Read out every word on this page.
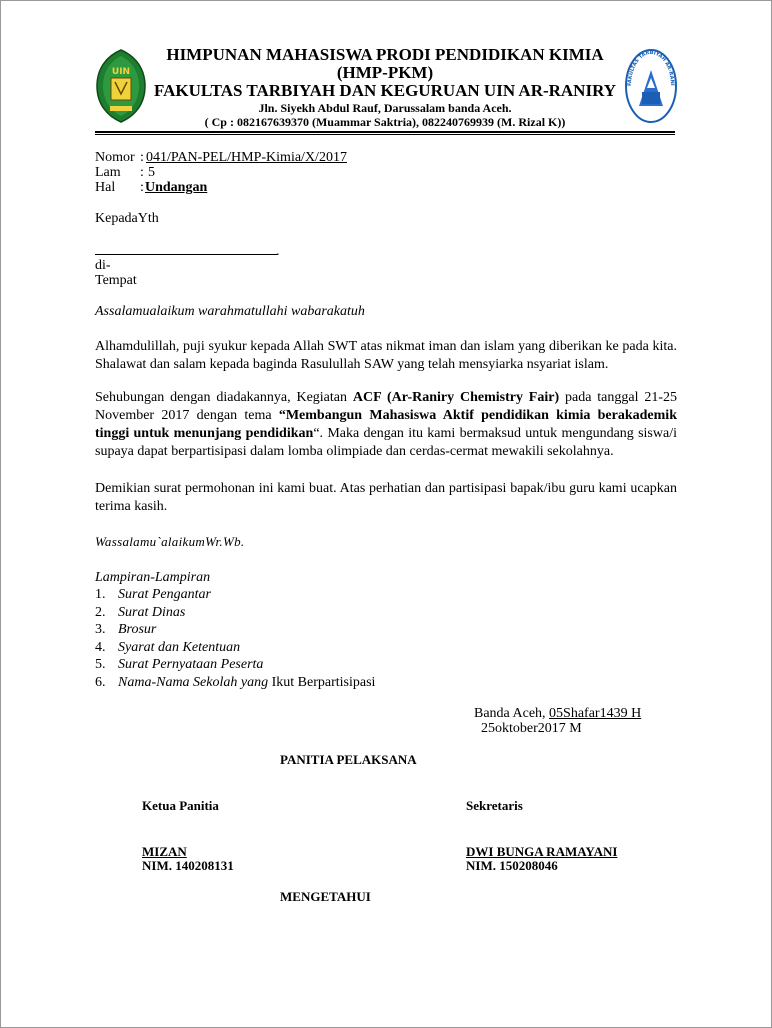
UIN
HIMPUNAN MAHASISWA PRODI PENDIDIKAN KIMIA
(HMP-PKM)
FAKULTAS TARBIYAH DAN KEGURUAN UIN AR-RANIRY
Jln. Siyekh Abdul Rauf, Darussalam banda Aceh.
( Cp : 082167639370 (Muammar Saktria), 082240769939 (M. Rizal K))
FAKULTAS TARBIYAH AR-RANI
Nomor : 041/PAN-PEL/HMP-Kimia/X/2017
Lam : 5
Hal : Undangan
KepadaYth
.
di-
Tempat
Assalamualaikum warahmatullahi wabarakatuh
Alhamdulillah, puji syukur kepada Allah SWT atas nikmat iman dan islam yang diberikan ke pada kita. Shalawat dan salam kepada baginda Rasulullah SAW yang telah mensyiarka nsyariat islam.
Sehubungan dengan diadakannya, Kegiatan ACF (Ar-Raniry Chemistry Fair) pada tanggal 21-25 November 2017 dengan tema “Membangun Mahasiswa Aktif pendidikan kimia berakademik tinggi untuk menunjang pendidikan“. Maka dengan itu kami bermaksud untuk mengundang siswa/i supaya dapat berpartisipasi dalam lomba olimpiade dan cerdas-cermat mewakili sekolahnya.
Demikian surat permohonan ini kami buat. Atas perhatian dan partisipasi bapak/ibu guru kami ucapkan terima kasih.
Wassalamu`alaikumWr.Wb.
Lampiran-Lampiran
1. Surat Pengantar
2. Surat Dinas
3. Brosur
4. Syarat dan Ketentuan
5. Surat Pernyataan Peserta
6. Nama-Nama Sekolah yang Ikut Berpartisipasi
Banda Aceh, 05Shafar1439 H
25oktober2017 M
PANITIA PELAKSANA
Ketua Panitia	Sekretaris
MIZAN
NIM. 140208131
DWI BUNGA RAMAYANI
NIM. 150208046
MENGETAHUI
